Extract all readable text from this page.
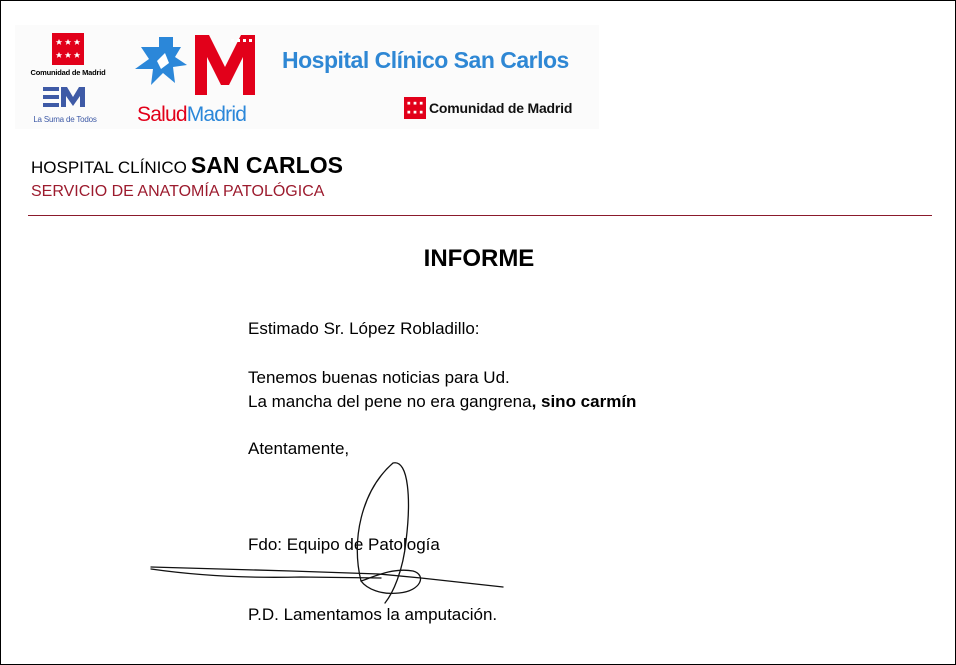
Comunidad de Madrid
La Suma de Todos	SaludMadrid
Hospital Clínico San Carlos
Comunidad de Madrid
HOSPITAL CLÍNICO SAN CARLOS
SERVICIO DE ANATOMÍA PATOLÓGICA
INFORME
Estimado Sr. López Robladillo:
Tenemos buenas noticias para Ud.
La mancha del pene no era gangrena, sino carmín
Atentamente,
Fdo: Equipo de Patología
P.D. Lamentamos la amputación.
